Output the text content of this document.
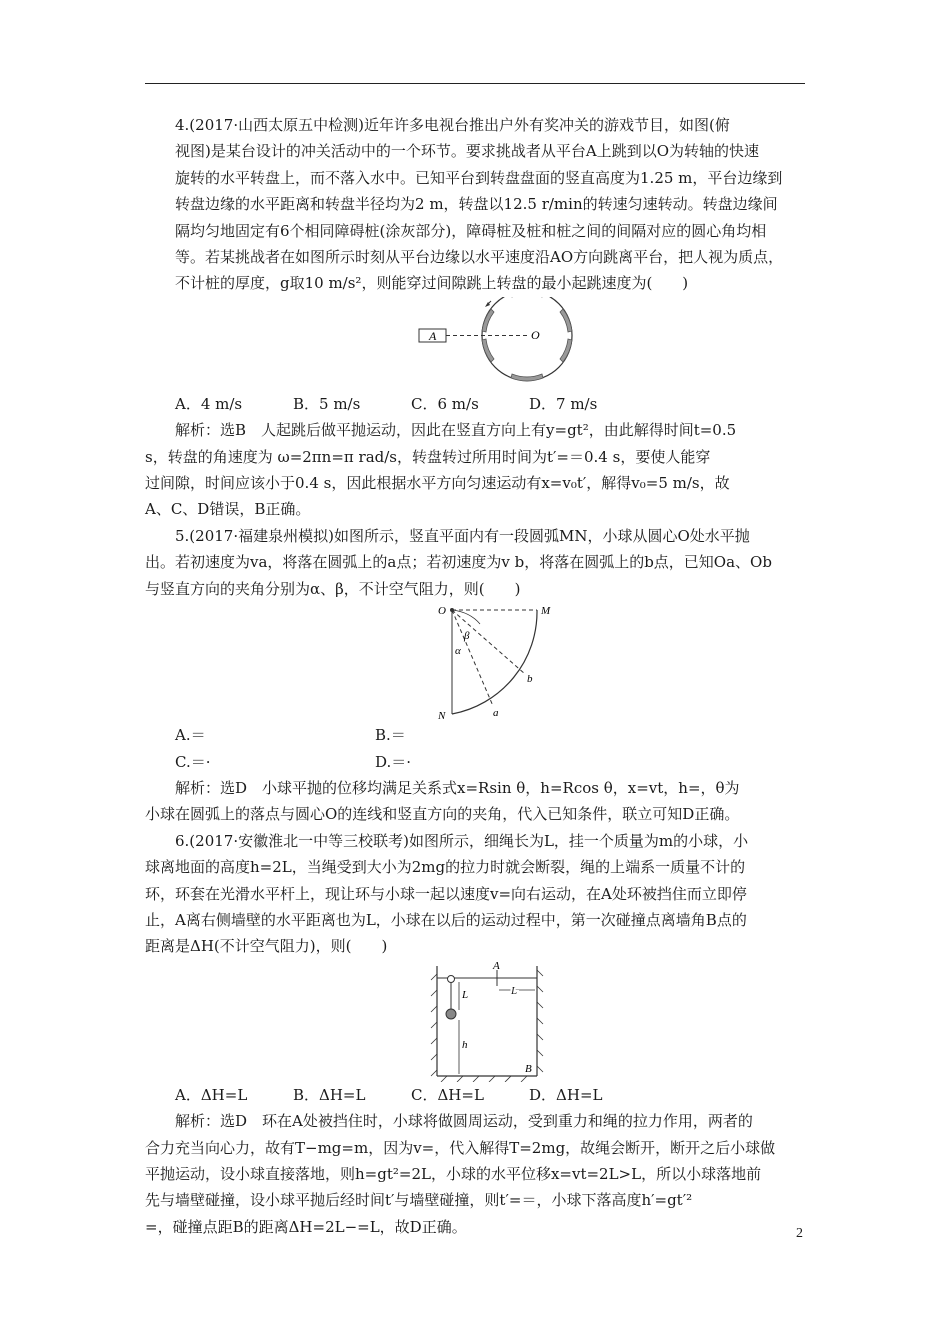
4.(2017·山西太原五中检测)近年许多电视台推出户外有奖冲关的游戏节目，如图(俯

视图)是某台设计的冲关活动中的一个环节。要求挑战者从平台A上跳到以O为转轴的快速

旋转的水平转盘上，而不落入水中。已知平台到转盘盘面的竖直高度为1.25 m，平台边缘到

转盘边缘的水平距离和转盘半径均为2 m，转盘以12.5 r/min的转速匀速转动。转盘边缘间

隔均匀地固定有6个相同障碍桩(涂灰部分)，障碍桩及桩和桩之间的间隔对应的圆心角均相

等。若某挑战者在如图所示时刻从平台边缘以水平速度沿AO方向跳离平台，把人视为质点，

不计桩的厚度，g取10 m/s²，则能穿过间隙跳上转盘的最小起跳速度为(　　)

A	O
A．4 m/s	B．5 m/s	C．6 m/s	D．7 m/s

解析：选B　人起跳后做平抛运动，因此在竖直方向上有y=gt²，由此解得时间t=0.5

s，转盘的角速度为 ω=2πn=π rad/s，转盘转过所用时间为t′=＝0.4 s，要使人能穿

过间隙，时间应该小于0.4 s，因此根据水平方向匀速运动有x=v₀t′，解得v₀=5 m/s，故

A、C、D错误，B正确。

5.(2017·福建泉州模拟)如图所示，竖直平面内有一段圆弧MN，小球从圆心O处水平抛

出。若初速度为va，将落在圆弧上的a点；若初速度为v b，将落在圆弧上的b点，已知Oa、Ob

与竖直方向的夹角分别为α、β，不计空气阻力，则(　　)

O	M
N	a
b
α
β
A.＝	B.＝
C.＝·	D.＝·

解析：选D　小球平抛的位移均满足关系式x=Rsin θ，h=Rcos θ，x=vt，h=，θ为

小球在圆弧上的落点与圆心O的连线和竖直方向的夹角，代入已知条件，联立可知D正确。

6.(2017·安徽淮北一中等三校联考)如图所示，细绳长为L，挂一个质量为m的小球，小

球离地面的高度h=2L，当绳受到大小为2mg的拉力时就会断裂，绳的上端系一质量不计的

环，环套在光滑水平杆上，现让环与小球一起以速度v=向右运动，在A处环被挡住而立即停

止，A离右侧墙壁的水平距离也为L，小球在以后的运动过程中，第一次碰撞点离墙角B点的

距离是ΔH(不计空气阻力)，则(　　)

A
L
L
h
B
A．ΔH=L	B．ΔH=L	C．ΔH=L	D．ΔH=L

解析：选D　环在A处被挡住时，小球将做圆周运动，受到重力和绳的拉力作用，两者的

合力充当向心力，故有T−mg=m，因为v=，代入解得T=2mg，故绳会断开，断开之后小球做

平抛运动，设小球直接落地，则h=gt²=2L，小球的水平位移x=vt=2L>L，所以小球落地前

先与墙壁碰撞，设小球平抛后经时间t′与墙壁碰撞，则t′=＝，小球下落高度h′=gt′²

=，碰撞点距B的距离ΔH=2L−=L，故D正确。	2
